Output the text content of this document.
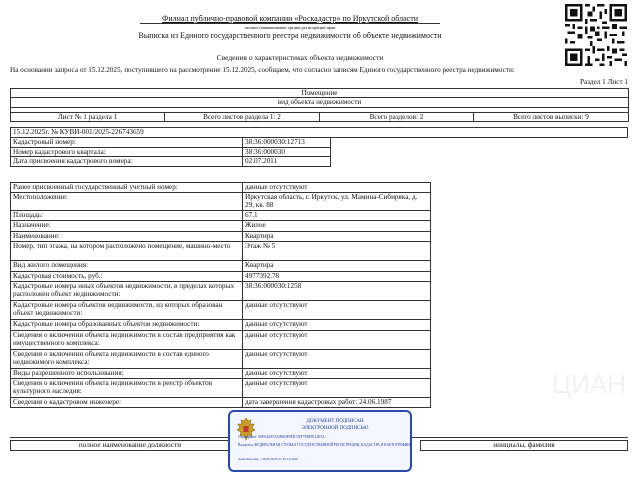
Филиал публично-правовой компании «Роскадастр» по Иркутской области
полное наименование органа регистрации прав
Выписка из Единого государственного реестра недвижимости об объекте недвижимости
Сведения о характеристиках объекта недвижимости
На основании запроса от 15.12.2025, поступившего на рассмотрение 15.12.2025, сообщаем, что согласно записям Единого государственного реестра недвижимости:
Раздел 1 Лист 1
Помещение
вид объекта недвижимости

Лист № 1 раздела 1	Всего листов раздела 1: 2	Всего разделов: 2	Всего листов выписки: 9
15.12.2025г. № КУВИ-001/2025-226743659
Кадастровый номер:	38:36:000030:12713
Номер кадастрового квартала:	38:36:000030
Дата присвоения кадастрового номера:	02.07.2011
Ранее присвоенный государственный учетный номер:	данные отсутствуют
Местоположение:	Иркутская область, г. Иркутск, ул. Мамина-Сибиряка, д. 29, кв. 88
Площадь:	67.1
Назначение:	Жилое
Наименование:	Квартира
Номер, тип этажа, на котором расположено помещение, машино-место	Этаж № 5
Вид жилого помещения:	Квартира
Кадастровая стоимость, руб.:	4977392.78
Кадастровые номера иных объектов недвижимости, в пределах которых расположен объект недвижимости:	38:36:000030:1258
Кадастровые номера объектов недвижимости, из которых образован объект недвижимости:	данные отсутствуют
Кадастровые номера образованных объектов недвижимости:	данные отсутствуют
Сведения о включении объекта недвижимости в состав предприятия как имущественного комплекса:	данные отсутствуют
Сведения о включении объекта недвижимости в состав единого недвижимого комплекса:	данные отсутствуют
Виды разрешенного использования:	данные отсутствуют
Сведения о включении объекта недвижимости в реестр объектов культурного наследия:	данные отсутствуют
Сведения о кадастровом инженере:	дата завершения кадастровых работ: 24.06.1987
полное наименование должности	инициалы, фамилия
ЦИАН
ДОКУМЕНТ ПОДПИСАН
ЭЛЕКТРОННОЙ ПОДПИСЬЮ
Сертификат: 00FA4AF5A5090DF9ED72FF79BF8512E5A
Владелец: ФЕДЕРАЛЬНАЯ СЛУЖБА ГОСУДАРСТВЕННОЙ РЕГИСТРАЦИИ, КАДАСТРА И КАРТОГРАФИИ
Действителен: с 26.09.2025 по 20.12.2026
